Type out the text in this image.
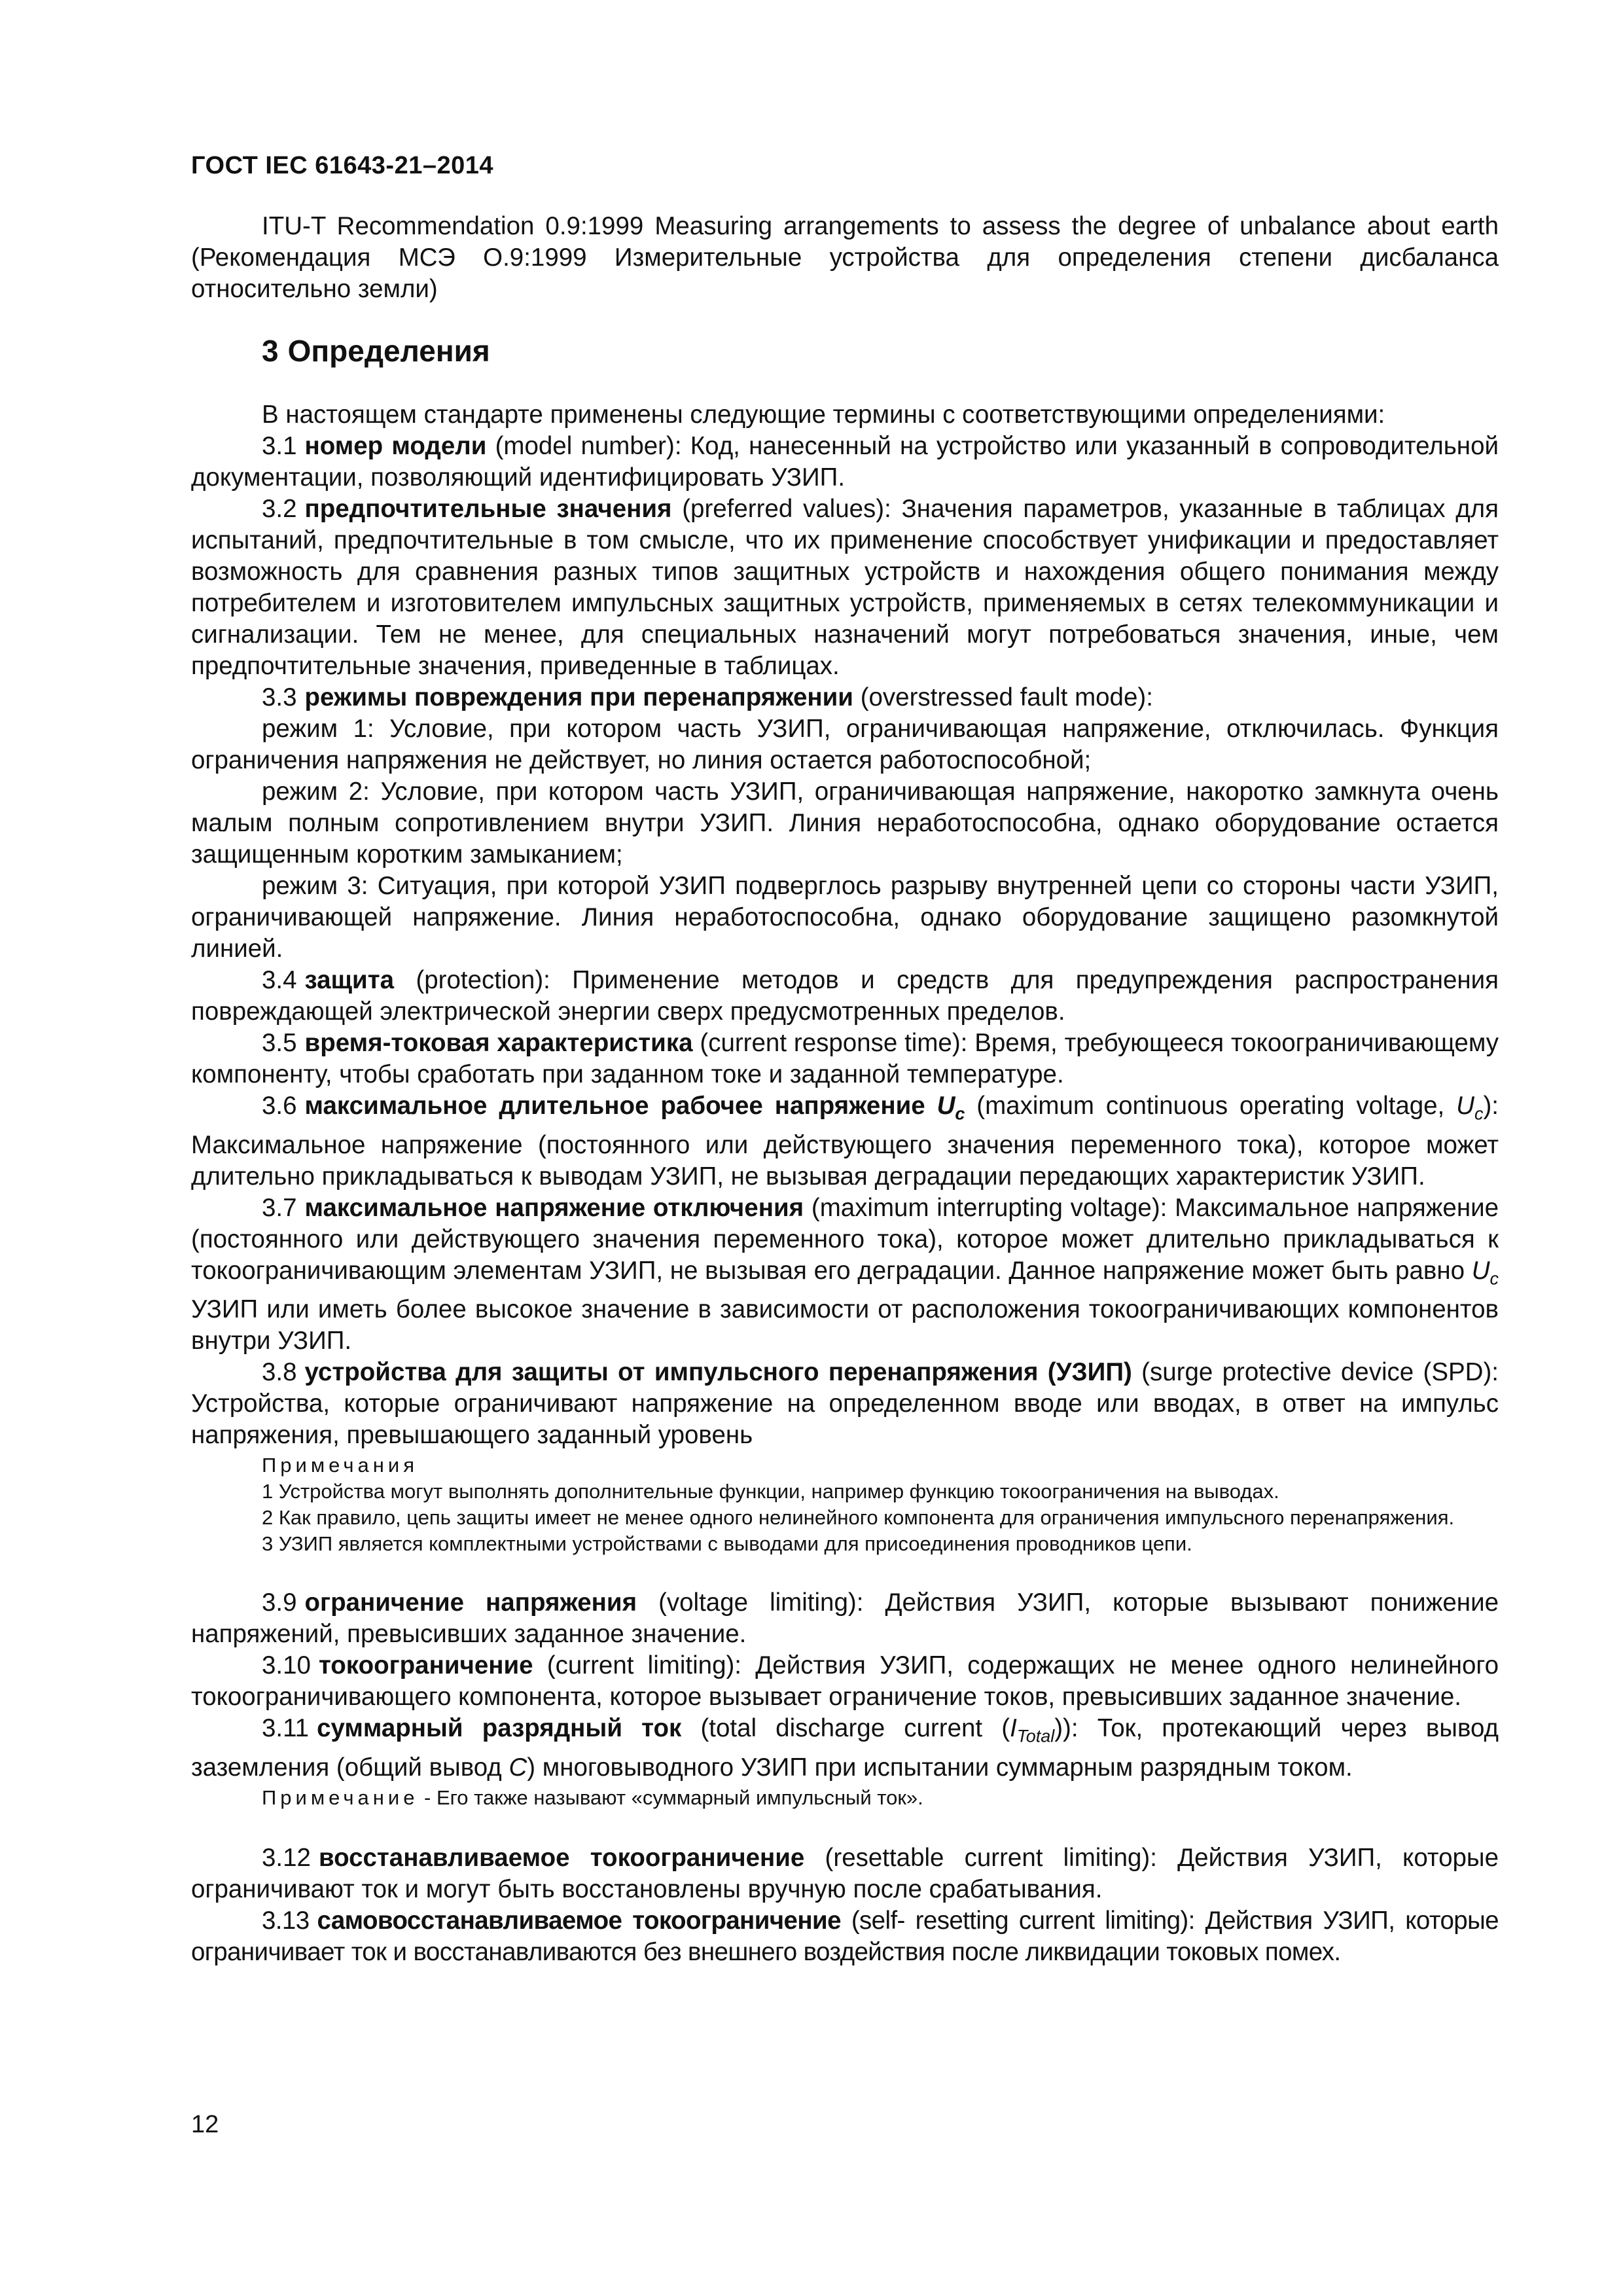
ГОСТ IEC 61643-21–2014

ITU-T Recommendation 0.9:1999 Measuring arrangements to assess the degree of unbalance about earth (Рекомендация МСЭ О.9:1999 Измерительные устройства для определения степени дисбаланса относительно земли)

3 Определения

В настоящем стандарте применены следующие термины с соответствующими определениями:

3.1 номер модели (model number): Код, нанесенный на устройство или указанный в сопроводительной документации, позволяющий идентифицировать УЗИП.

3.2 предпочтительные значения (preferred values): Значения параметров, указанные в таблицах для испытаний, предпочтительные в том смысле, что их применение способствует унификации и предоставляет возможность для сравнения разных типов защитных устройств и нахождения общего понимания между потребителем и изготовителем импульсных защитных устройств, применяемых в сетях телекоммуникации и сигнализации. Тем не менее, для специальных назначений могут потребоваться значения, иные, чем предпочтительные значения, приведенные в таблицах.

3.3 режимы повреждения при перенапряжении (overstressed fault mode):

режим 1: Условие, при котором часть УЗИП, ограничивающая напряжение, отключилась. Функция ограничения напряжения не действует, но линия остается работоспособной;

режим 2: Условие, при котором часть УЗИП, ограничивающая напряжение, накоротко замкнута очень малым полным сопротивлением внутри УЗИП. Линия неработоспособна, однако оборудование остается защищенным коротким замыканием;

режим 3: Ситуация, при которой УЗИП подверглось разрыву внутренней цепи со стороны части УЗИП, ограничивающей напряжение. Линия неработоспособна, однако оборудование защищено разомкнутой линией.

3.4 защита (protection): Применение методов и средств для предупреждения распространения повреждающей электрической энергии сверх предусмотренных пределов.

3.5 время-токовая характеристика (current response time): Время, требующееся токоограничивающему компоненту, чтобы сработать при заданном токе и заданной температуре.

3.6 максимальное длительное рабочее напряжение $U_c$ (maximum continuous operating voltage, $U_c$): Максимальное напряжение (постоянного или действующего значения переменного тока), которое может длительно прикладываться к выводам УЗИП, не вызывая деградации передающих характеристик УЗИП.

3.7 максимальное напряжение отключения (maximum interrupting voltage): Максимальное напряжение (постоянного или действующего значения переменного тока), которое может длительно прикладываться к токоограничивающим элементам УЗИП, не вызывая его деградации. Данное напряжение может быть равно $U_c$ УЗИП или иметь более высокое значение в зависимости от расположения токоограничивающих компонентов внутри УЗИП.

3.8 устройства для защиты от импульсного перенапряжения (УЗИП) (surge protective device (SPD): Устройства, которые ограничивают напряжение на определенном вводе или вводах, в ответ на импульс напряжения, превышающего заданный уровень

Примечания

1 Устройства могут выполнять дополнительные функции, например функцию токоограничения на выводах.

2 Как правило, цепь защиты имеет не менее одного нелинейного компонента для ограничения импульсного перенапряжения.

3 УЗИП является комплектными устройствами с выводами для присоединения проводников цепи.

3.9 ограничение напряжения (voltage limiting): Действия УЗИП, которые вызывают понижение напряжений, превысивших заданное значение.

3.10 токоограничение (current limiting): Действия УЗИП, содержащих не менее одного нелинейного токоограничивающего компонента, которое вызывает ограничение токов, превысивших заданное значение.

3.11 суммарный разрядный ток (total discharge current $(I_{Total})$): Ток, протекающий через вывод заземления (общий вывод C) многовыводного УЗИП при испытании суммарным разрядным током.

Примечание - Его также называют «суммарный импульсный ток».

3.12 восстанавливаемое токоограничение (resettable current limiting): Действия УЗИП, которые ограничивают ток и могут быть восстановлены вручную после срабатывания.

3.13 самовосстанавливаемое токоограничение (self- resetting current limiting): Действия УЗИП, которые ограничивает ток и восстанавливаются без внешнего воздействия после ликвидации токовых помех.

12
